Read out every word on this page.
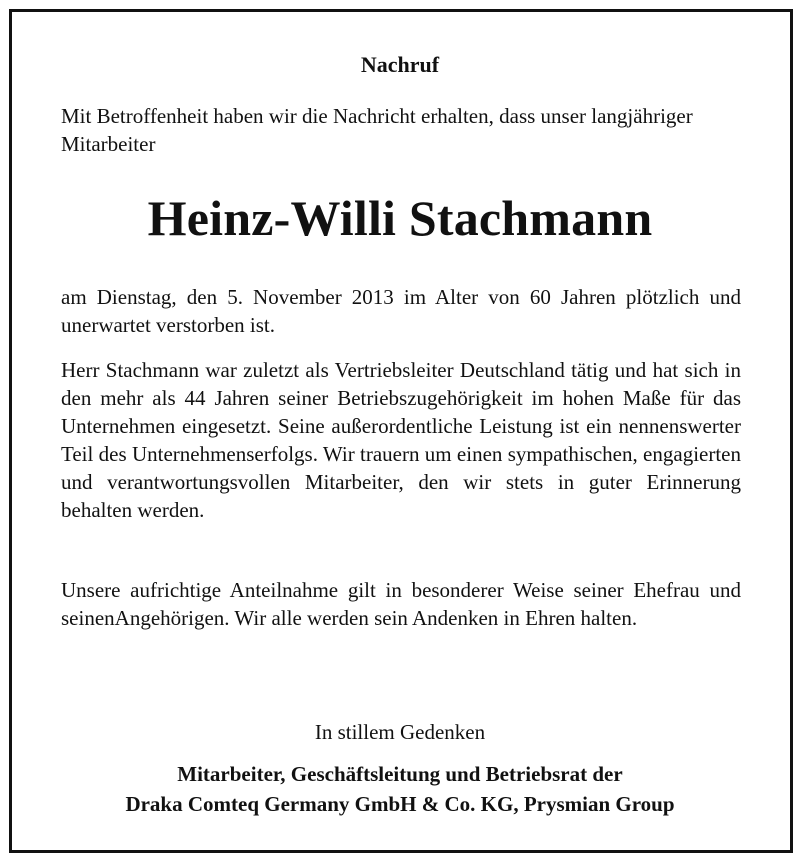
Nachruf
Mit Betroffenheit haben wir die Nachricht erhalten, dass unser langjähriger Mitarbeiter
Heinz-Willi Stachmann
am Dienstag, den 5. November 2013 im Alter von 60 Jahren plötzlich und unerwartet verstorben ist.
Herr Stachmann war zuletzt als Vertriebsleiter Deutschland tätig und hat sich in den mehr als 44 Jahren seiner Betriebszugehörigkeit im hohen Maße für das Unternehmen eingesetzt. Seine außerordentliche Leistung ist ein nennenswerter Teil des Unternehmenserfolgs. Wir trauern um einen sympathischen, engagierten und verantwortungsvollen Mitarbeiter, den wir stets in guter Erinnerung behalten werden.
Unsere aufrichtige Anteilnahme gilt in besonderer Weise seiner Ehefrau und seinenAngehörigen. Wir alle werden sein Andenken in Ehren halten.
In stillem Gedenken
Mitarbeiter, Geschäftsleitung und Betriebsrat der
Draka Comteq Germany GmbH & Co. KG, Prysmian Group
